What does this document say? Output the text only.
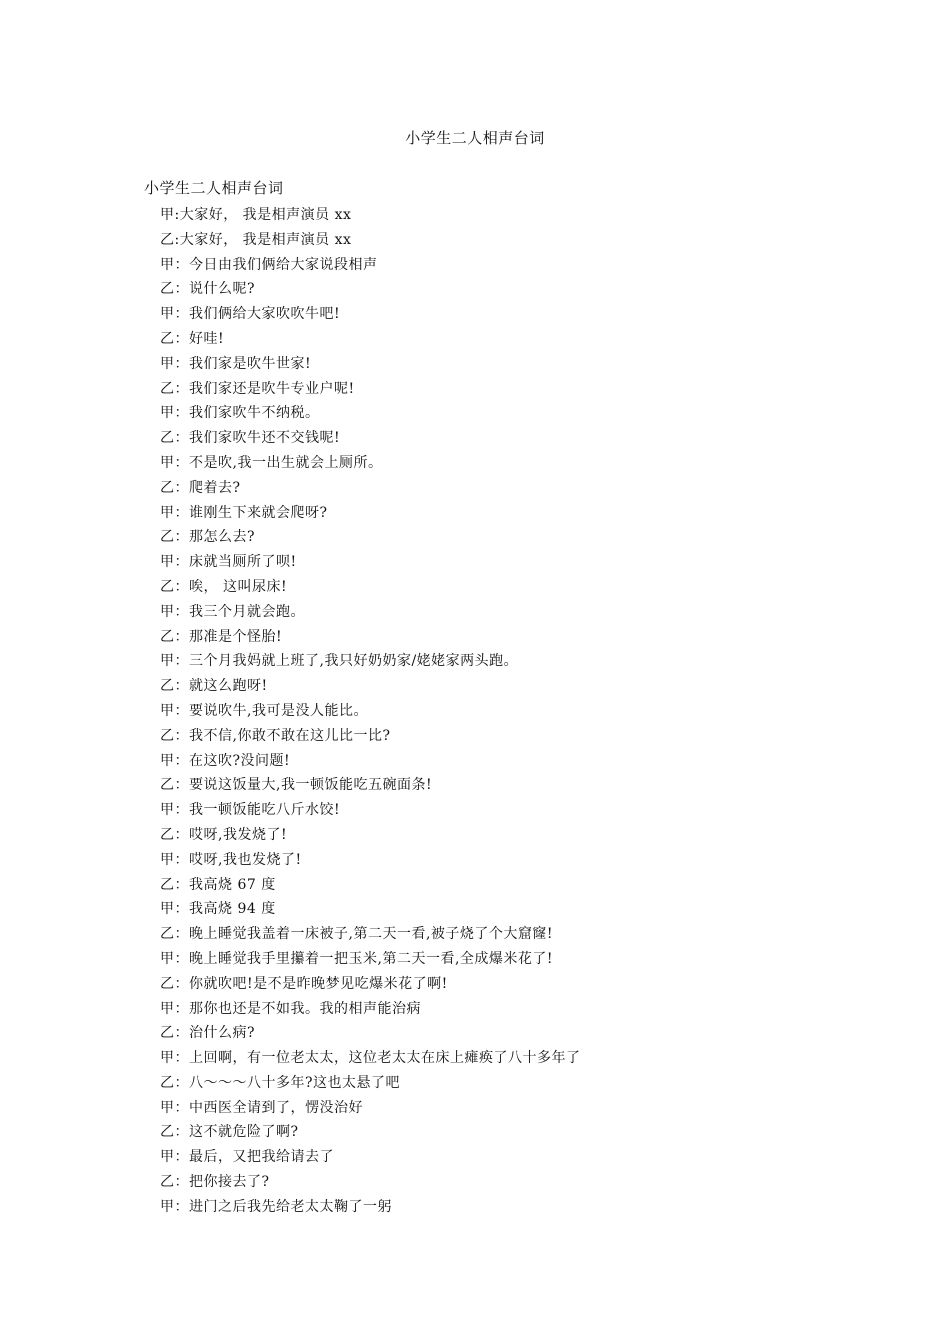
小学生二人相声台词
小学生二人相声台词
甲:大家好， 我是相声演员 xx
乙:大家好， 我是相声演员 xx
甲：今日由我们俩给大家说段相声
乙：说什么呢?
甲：我们俩给大家吹吹牛吧!
乙：好哇!
甲：我们家是吹牛世家!
乙：我们家还是吹牛专业户呢!
甲：我们家吹牛不纳税。
乙：我们家吹牛还不交钱呢!
甲：不是吹,我一出生就会上厕所。
乙：爬着去?
甲：谁刚生下来就会爬呀?
乙：那怎么去?
甲：床就当厕所了呗!
乙：唉， 这叫尿床!
甲：我三个月就会跑。
乙：那准是个怪胎!
甲：三个月我妈就上班了,我只好奶奶家/姥姥家两头跑。
乙：就这么跑呀!
甲：要说吹牛,我可是没人能比。
乙：我不信,你敢不敢在这儿比一比?
甲：在这吹?没问题!
乙：要说这饭量大,我一顿饭能吃五碗面条!
甲：我一顿饭能吃八斤水饺!
乙：哎呀,我发烧了!
甲：哎呀,我也发烧了!
乙：我高烧 67 度
甲：我高烧 94 度
乙：晚上睡觉我盖着一床被子,第二天一看,被子烧了个大窟窿!
甲：晚上睡觉我手里攥着一把玉米,第二天一看,全成爆米花了!
乙：你就吹吧!是不是昨晚梦见吃爆米花了啊!
甲：那你也还是不如我。我的相声能治病
乙：治什么病?
甲：上回啊，有一位老太太，这位老太太在床上瘫痪了八十多年了
乙：八～～～八十多年?这也太悬了吧
甲：中西医全请到了，愣没治好
乙：这不就危险了啊?
甲：最后，又把我给请去了
乙：把你接去了?
甲：进门之后我先给老太太鞠了一躬
